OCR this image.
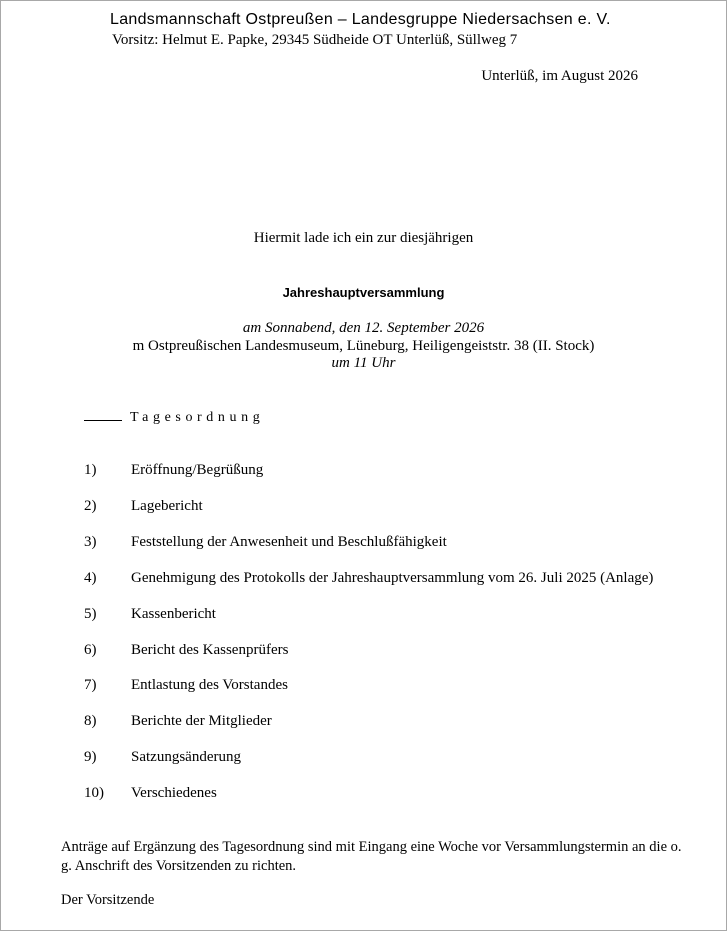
Landsmannschaft Ostpreußen – Landesgruppe Niedersachsen e. V.
Vorsitz: Helmut E. Papke, 29345 Südheide OT Unterlüß, Süllweg 7
Unterlüß, im August 2026
Hiermit lade ich ein zur diesjährigen
Jahreshauptversammlung
am Sonnabend, den 12. September 2026
m Ostpreußischen Landesmuseum, Lüneburg, Heiligengeiststr. 38 (II. Stock)
um 11 Uhr
Tagesordnung
1) Eröffnung/Begrüßung
2) Lagebericht
3) Feststellung der Anwesenheit und Beschlußfähigkeit
4) Genehmigung des Protokolls der Jahreshauptversammlung vom 26. Juli 2025 (Anlage)
5) Kassenbericht
6) Bericht des Kassenprüfers
7) Entlastung des Vorstandes
8) Berichte der Mitglieder
9) Satzungsänderung
10) Verschiedenes
Anträge auf Ergänzung des Tagesordnung sind mit Eingang eine Woche vor Versammlungstermin an die o. g. Anschrift des Vorsitzenden zu richten.
Der Vorsitzende
